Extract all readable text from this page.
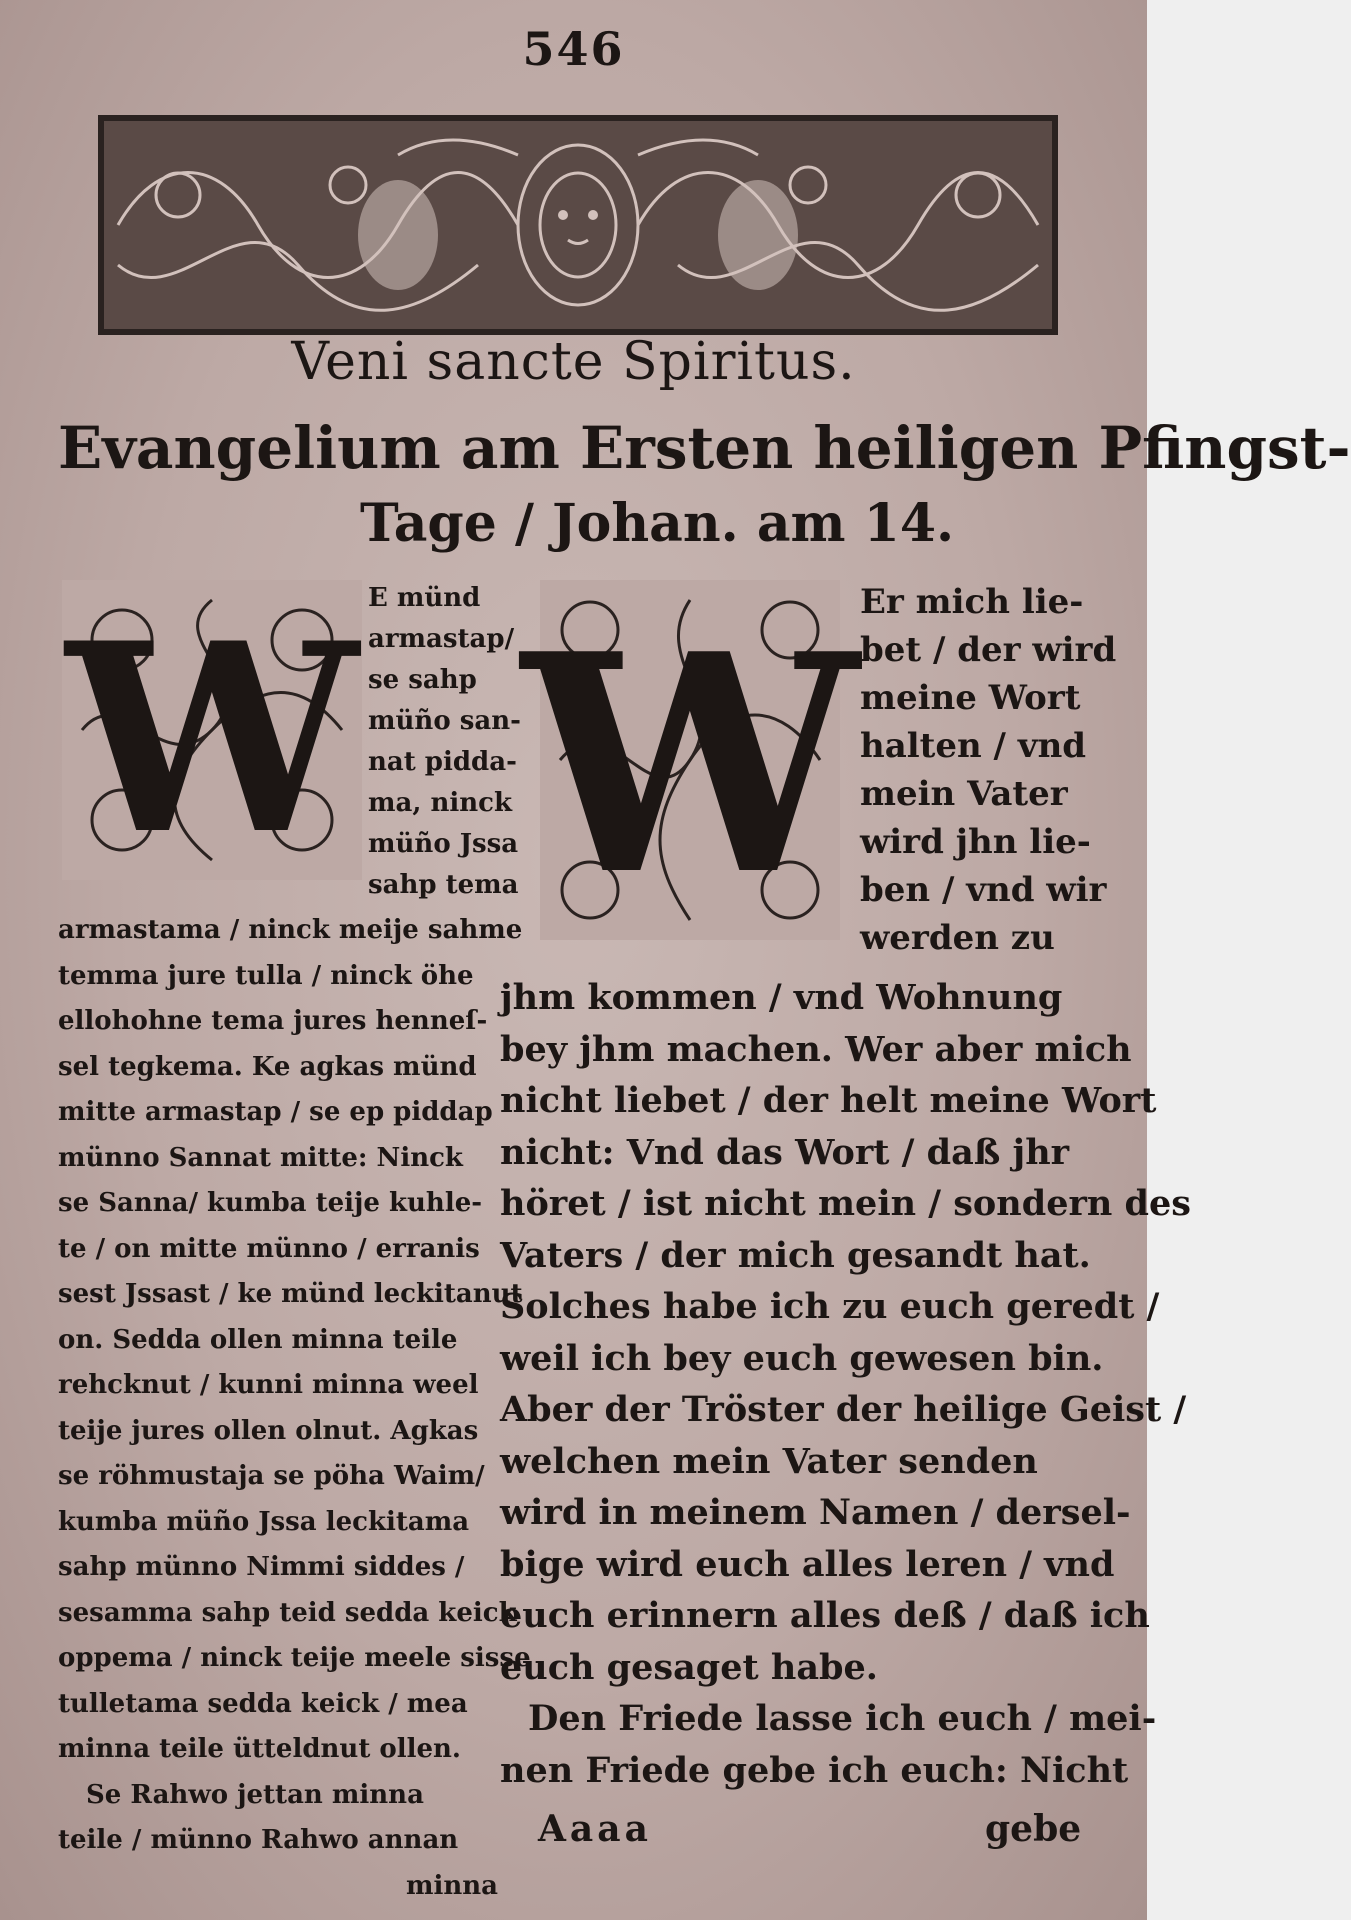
546
Veni sancte Spiritus.
Evangelium am Ersten heiligen Pfingst-
Tage / Johan. am 14.
W W
E münd
armastap/
se sahp
müño san-
nat pidda-
ma, ninck
müño Jssa
sahp tema
Er mich lie-
bet / der wird
meine Wort
halten / vnd
mein Vater
wird jhn lie-
ben / vnd wir
werden zu
armastama / ninck meije sahme
temma jure tulla / ninck öhe
ellohohne tema jures henneſ-
sel tegkema. Ke agkas münd
mitte armastap / se ep piddap
münno Sannat mitte: Ninck
se Sanna/ kumba teije kuhle-
te / on mitte münno / erranis
sest Jssast / ke münd leckitanut
on. Sedda ollen minna teile
rehcknut / kunni minna weel
teije jures ollen olnut. Agkas
se röhmustaja se pöha Waim/
kumba müño Jssa leckitama
sahp münno Nimmi siddes /
sesamma sahp teid sedda keick
oppema / ninck teije meele sisse
tulletama sedda keick / mea
minna teile ütteldnut ollen.
Se Rahwo jettan minna
teile / münno Rahwo annan
minna
jhm kommen / vnd Wohnung
bey jhm machen. Wer aber mich
nicht liebet / der helt meine Wort
nicht: Vnd das Wort / daß jhr
höret / ist nicht mein / sondern des
Vaters / der mich gesandt hat.
Solches habe ich zu euch geredt /
weil ich bey euch gewesen bin.
Aber der Tröster der heilige Geist /
welchen mein Vater senden
wird in meinem Namen / dersel-
bige wird euch alles leren / vnd
euch erinnern alles deß / daß ich
euch gesaget habe.
Den Friede lasse ich euch / mei-
nen Friede gebe ich euch: Nicht
Aaaa	gebe
